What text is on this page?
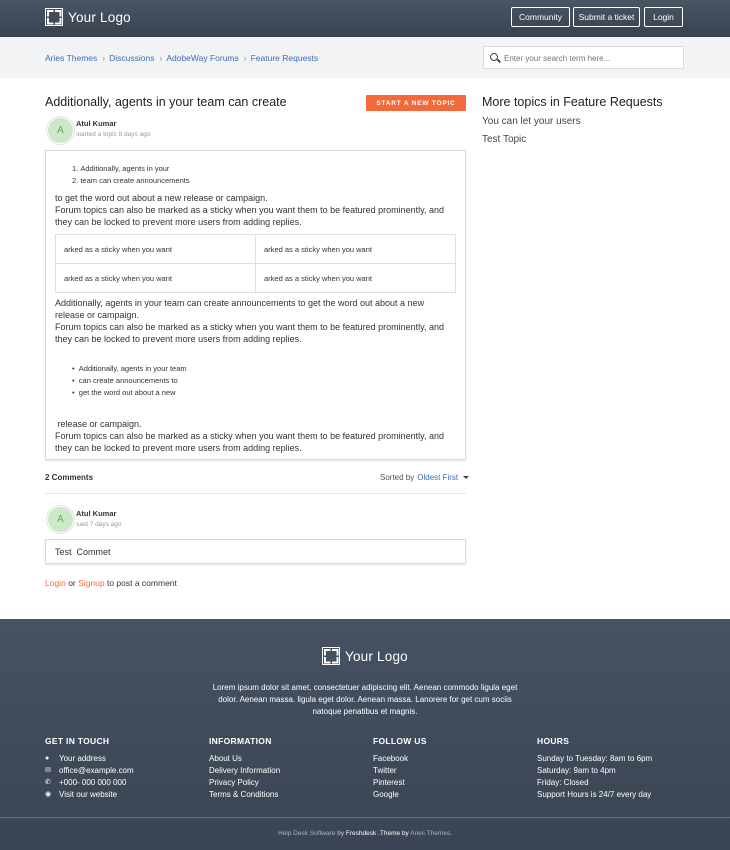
Your Logo	Community	Submit a ticket	Login
Aries Themes › Discussions › AdobeWay Forums › Feature Requests
Enter your search term here...
Additionally, agents in your team can create	START A NEW TOPIC
A
Atul Kumar
started a topic 8 days ago
1. Additionally, agents in your
2. team can create announcements
to get the word out about a new release or campaign.
Forum topics can also be marked as a sticky when you want them to be featured prominently, and
they can be locked to prevent more users from adding replies.
arked as a sticky when you want	arked as a sticky when you want
arked as a sticky when you want	arked as a sticky when you want
Additionally, agents in your team can create announcements to get the word out about a new
release or campaign.
Forum topics can also be marked as a sticky when you want them to be featured prominently, and
they can be locked to prevent more users from adding replies.
•  Additionally, agents in your team
•  can create announcements to
•  get the word out about a new
release or campaign.
Forum topics can also be marked as a sticky when you want them to be featured prominently, and
they can be locked to prevent more users from adding replies.
2 Comments	Sorted by Oldest First
A
Atul Kumar
said 7 days ago
Test  Commet
Login or Signup to post a comment
More topics in Feature Requests
You can let your users
Test Topic
Your Logo
Lorem ipsum dolor sit amet, consectetuer adipiscing elit. Aenean commodo ligula eget dolor. Aenean massa. ligula eget dolor. Aenean massa. Lanorere for get cum sociis natoque penatibus et magnis.
GET IN TOUCH
●	Your address
✉	office@example.com
✆	+000- 000 000 000
◉ Visit our website
INFORMATION
About Us
Delivery Information
Privacy Policy
Terms & Conditions
FOLLOW US
Facebook
Twitter
Pinterest
Google
HOURS
Sunday to Tuesday: 8am to 6pm
Saturday: 9am to 4pm
Friday: Closed
Support Hours is 24/7 every day
Help Desk Software by Freshdesk .Theme by Aries Themes.
